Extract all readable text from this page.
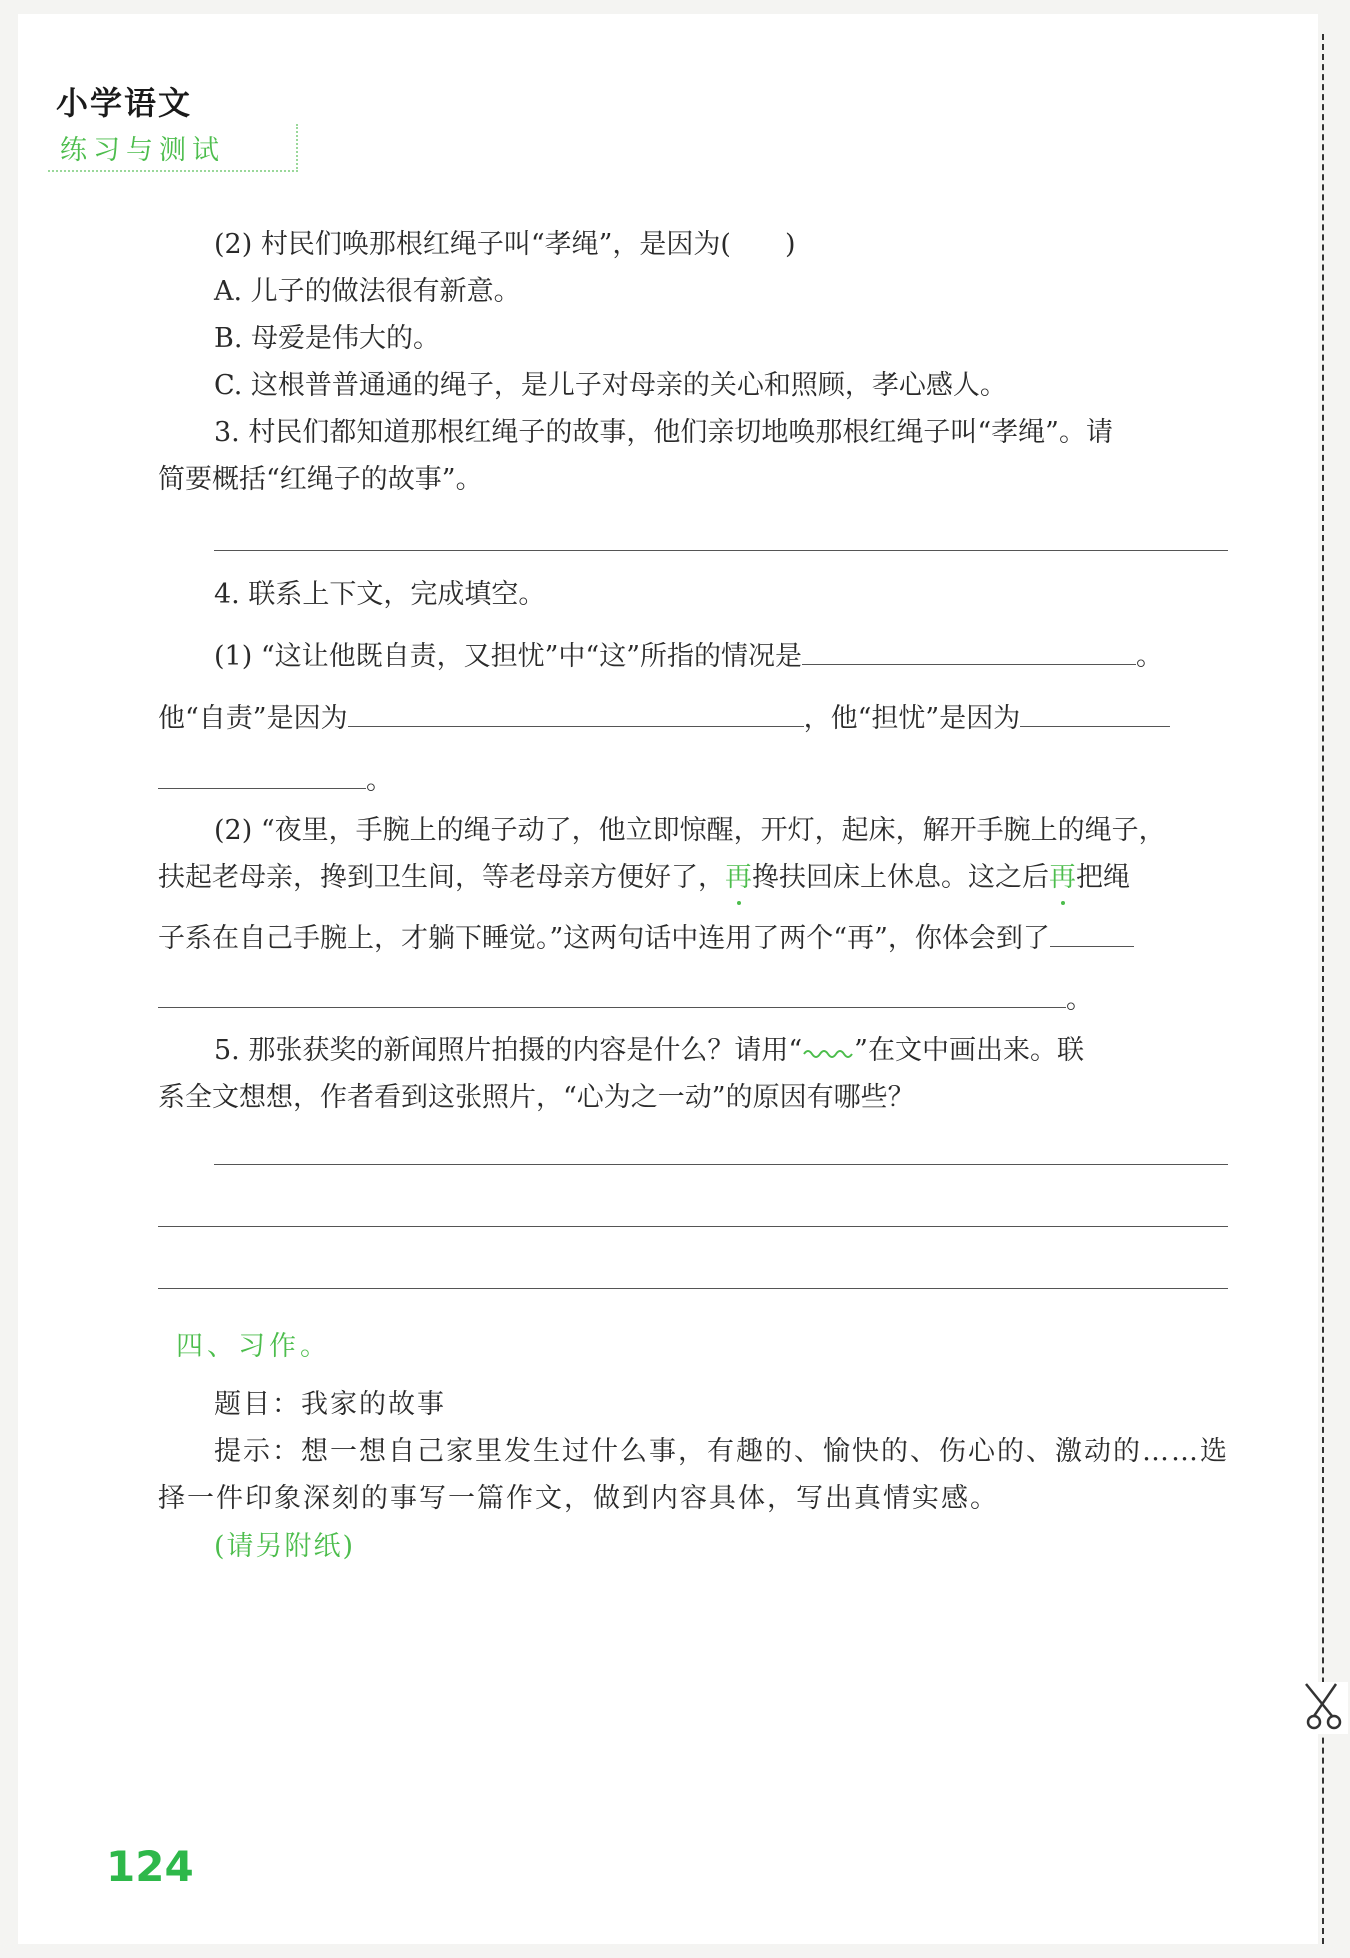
小学语文
练习与测试
(2) 村民们唤那根红绳子叫“孝绳”，是因为(　　)
A. 儿子的做法很有新意。
B. 母爱是伟大的。
C. 这根普普通通的绳子，是儿子对母亲的关心和照顾，孝心感人。
3. 村民们都知道那根红绳子的故事，他们亲切地唤那根红绳子叫“孝绳”。请
简要概括“红绳子的故事”。
4. 联系上下文，完成填空。
(1) “这让他既自责，又担忧”中“这”所指的情况是	。
他“自责”是因为	，他“担忧”是因为
。
(2) “夜里，手腕上的绳子动了，他立即惊醒，开灯，起床，解开手腕上的绳子，
扶起老母亲，搀到卫生间，等老母亲方便好了，再搀扶回床上休息。这之后再把绳
子系在自己手腕上，才躺下睡觉。”这两句话中连用了两个“再”，你体会到了
。
5. 那张获奖的新闻照片拍摄的内容是什么？请用“ ”在文中画出来。联
系全文想想，作者看到这张照片，“心为之一动”的原因有哪些？
四、习作。
题目：我家的故事
提示：想一想自己家里发生过什么事，有趣的、愉快的、伤心的、激动的……选
择一件印象深刻的事写一篇作文，做到内容具体，写出真情实感。
(请另附纸)
124
